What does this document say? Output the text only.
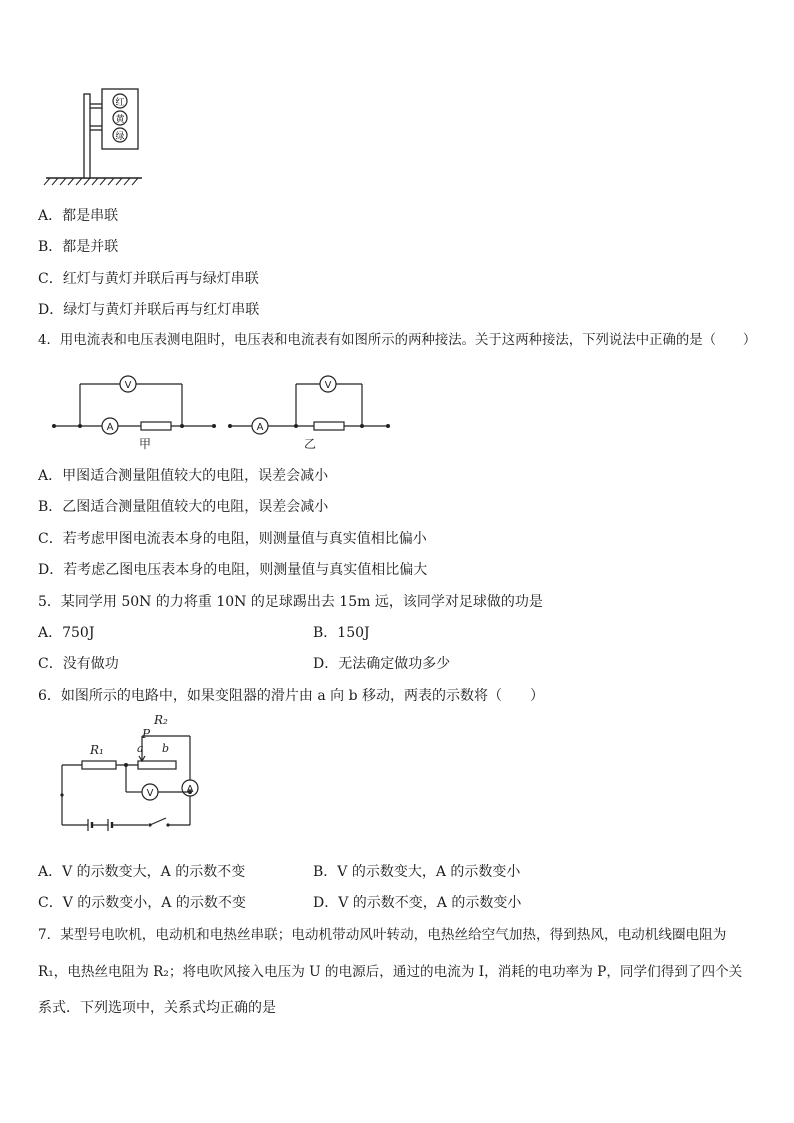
红
黄
绿
A．都是串联
B．都是并联
C．红灯与黄灯并联后再与绿灯串联
D．绿灯与黄灯并联后再与红灯串联
4．用电流表和电压表测电阻时，电压表和电流表有如图所示的两种接法。关于这两种接法，下列说法中正确的是（　　）
A
V
A
V
甲	乙
A．甲图适合测量阻值较大的电阻，误差会减小
B．乙图适合测量阻值较大的电阻，误差会减小
C．若考虑甲图电流表本身的电阻，则测量值与真实值相比偏小
D．若考虑乙图电压表本身的电阻，则测量值与真实值相比偏大
5．某同学用 50N 的力将重 10N 的足球踢出去 15m 远，该同学对足球做的功是
A．750J	B．150J
C．没有做功	D．无法确定做功多少
6．如图所示的电路中，如果变阻器的滑片由 a 向 b 移动，两表的示数将（　　）
R₁
R₂
P
a b
A
V
A．V 的示数变大，A 的示数不变	B．V 的示数变大，A 的示数变小
C．V 的示数变小，A 的示数不变	D．V 的示数不变，A 的示数变小
7．某型号电吹机，电动机和电热丝串联；电动机带动风叶转动，电热丝给空气加热，得到热风，电动机线圈电阻为
R₁，电热丝电阻为 R₂；将电吹风接入电压为 U 的电源后，通过的电流为 I，消耗的电功率为 P，同学们得到了四个关
系式．下列选项中，关系式均正确的是
